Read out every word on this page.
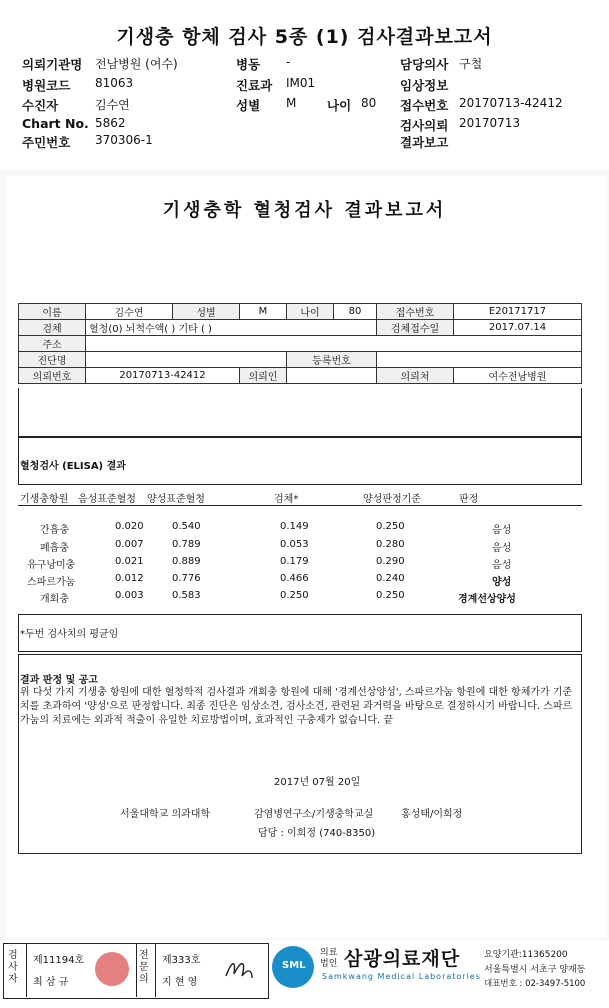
기생충 항체 검사 5종 (1) 검사결과보고서
의뢰기관명 전남병원 (여수)	병동 -	담당의사 구철
병원코드 81063	진료과 IM01	임상정보
수진자	김수연	성별 M 나이 80 접수번호 20170713-42412
Chart No. 5862	검사의뢰 20170713
주민번호 370306-1	결과보고
기생충학 혈청검사 결과보고서
이름	김수연	성별	M	나이	80	접수번호	E20171717
검체	혈청(0) 뇌척수액( ) 기타 ( )					검체접수일	2017.07.14
주소							
진단명				등록번호			
의뢰번호	20170713-42412		의뢰인			의뢰처	여수전남병원
혈청검사 (ELISA) 결과
기생충항원 음성표준혈청 양성표준혈청	검체*	양성판정기준	판정
간흡충	0.020	0.540	0.149	0.250	음성
폐흡충	0.007	0.789	0.053	0.280	음성
유구낭미충	0.021	0.889	0.179	0.290	음성
스파르가눔	0.012	0.776	0.466	0.240	양성
개회충	0.003	0.583	0.250	0.250	경계선상양성
*두번 검사치의 평균임
결과 판정 및 공고
위 다섯 가지 기생충 항원에 대한 혈청학적 검사결과 개회충 항원에 대해 '경계선상양성', 스파르가눔 항원에 대한 항체가가 기준치를 초과하여 '양성'으로 판정합니다. 최종 진단은 임상소견, 검사소견, 관련된 과거력을 바탕으로 결정하시기 바랍니다. 스파르가눔의 치료에는 외과적 적출이 유일한 치료방법이며, 효과적인 구충제가 없습니다. 끝
2017년 07월 20일
서울대학교 의과대학	감염병연구소/기생충학교실	홍성태/이희정
담당 : 이희정 (740-8350)
검사자
제11194호
최 삼 규
전문의
제333호
지 현 영
SML
의료법인 삼광의료재단
Samkwang Medical Laboratories
요양기관:11365200
서울특별시 서초구 양재동
대표번호 : 02-3497-5100
